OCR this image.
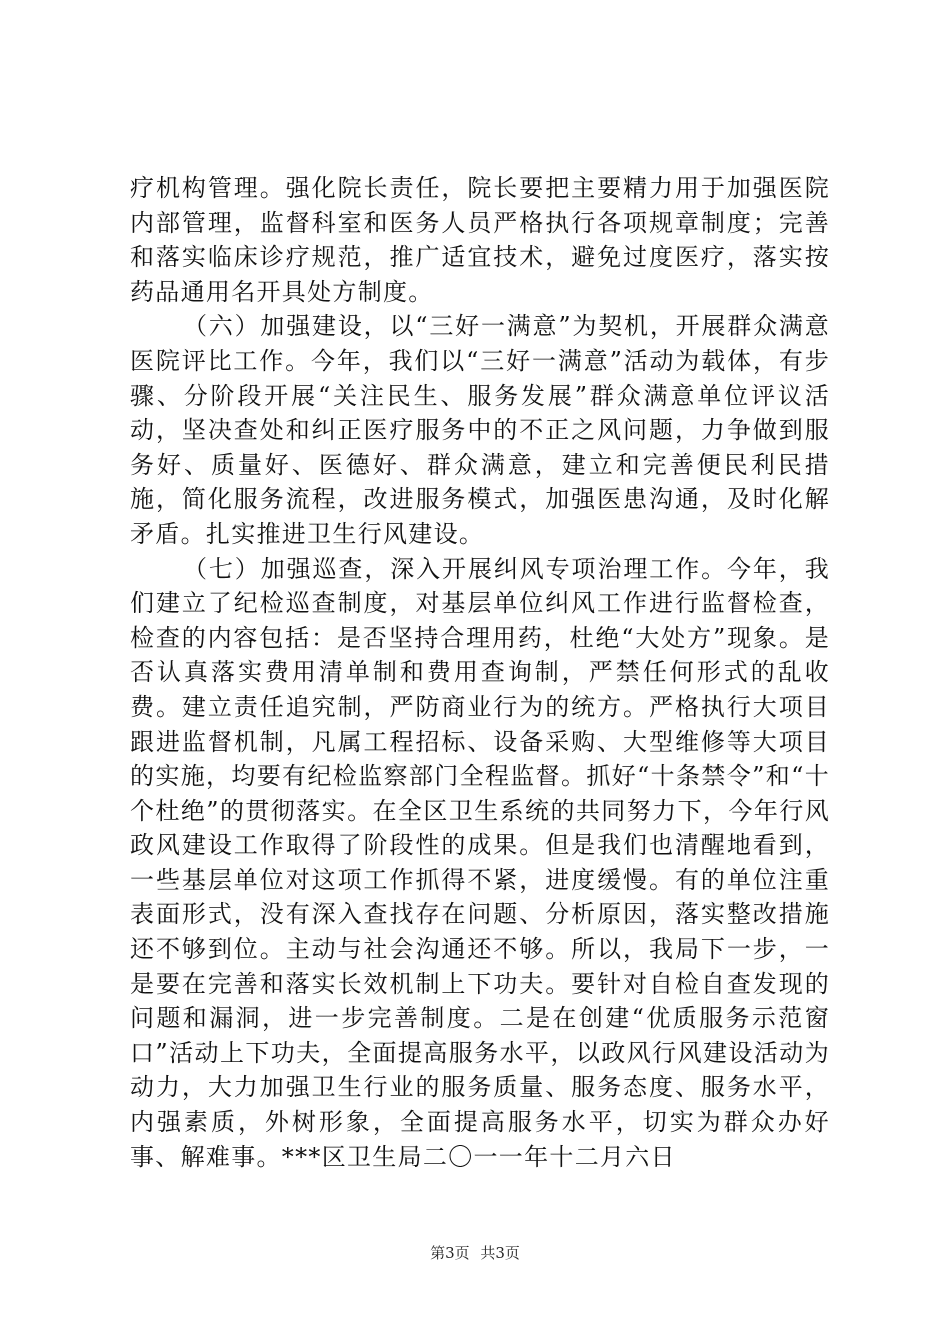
疗机构管理。强化院长责任，院长要把主要精力用于加强医院内部管理，监督科室和医务人员严格执行各项规章制度；完善和落实临床诊疗规范，推广适宜技术，避免过度医疗，落实按药品通用名开具处方制度。

（六）加强建设，以“三好一满意”为契机，开展群众满意医院评比工作。今年，我们以“三好一满意”活动为载体，有步骤、分阶段开展“关注民生、服务发展”群众满意单位评议活动，坚决查处和纠正医疗服务中的不正之风问题，力争做到服务好、质量好、医德好、群众满意，建立和完善便民利民措施，简化服务流程，改进服务模式，加强医患沟通，及时化解矛盾。扎实推进卫生行风建设。

（七）加强巡查，深入开展纠风专项治理工作。今年，我们建立了纪检巡查制度，对基层单位纠风工作进行监督检查，检查的内容包括：是否坚持合理用药，杜绝“大处方”现象。是否认真落实费用清单制和费用查询制，严禁任何形式的乱收费。建立责任追究制，严防商业行为的统方。严格执行大项目跟进监督机制，凡属工程招标、设备采购、大型维修等大项目的实施，均要有纪检监察部门全程监督。抓好“十条禁令”和“十个杜绝”的贯彻落实。在全区卫生系统的共同努力下，今年行风政风建设工作取得了阶段性的成果。但是我们也清醒地看到，一些基层单位对这项工作抓得不紧，进度缓慢。有的单位注重表面形式，没有深入查找存在问题、分析原因，落实整改措施还不够到位。主动与社会沟通还不够。所以，我局下一步，一是要在完善和落实长效机制上下功夫。要针对自检自查发现的问题和漏洞，进一步完善制度。二是在创建“优质服务示范窗口”活动上下功夫，全面提高服务水平，以政风行风建设活动为动力，大力加强卫生行业的服务质量、服务态度、服务水平，内强素质，外树形象，全面提高服务水平，切实为群众办好事、解难事。***区卫生局二〇一一年十二月六日

第3页 共3页
